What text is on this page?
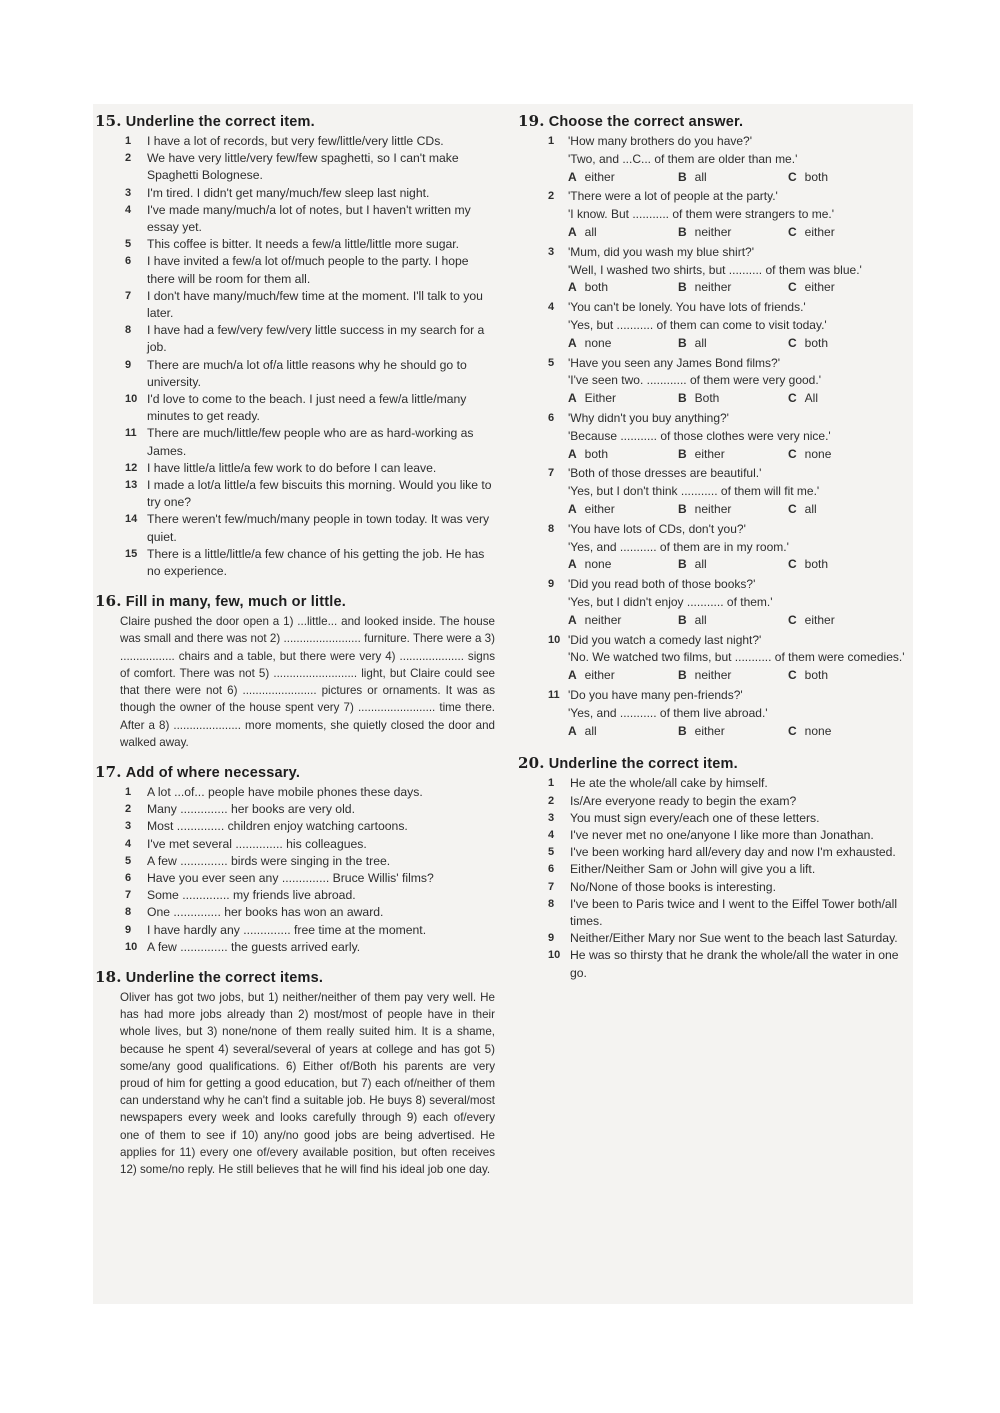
15. Underline the correct item.
1 I have a lot of records, but very few/little/very little CDs.
2 We have very little/very few/few spaghetti, so I can't make Spaghetti Bolognese.
3 I'm tired. I didn't get many/much/few sleep last night.
4 I've made many/much/a lot of notes, but I haven't written my essay yet.
5 This coffee is bitter. It needs a few/a little/little more sugar.
6 I have invited a few/a lot of/much people to the party. I hope there will be room for them all.
7 I don't have many/much/few time at the moment. I'll talk to you later.
8 I have had a few/very few/very little success in my search for a job.
9 There are much/a lot of/a little reasons why he should go to university.
10 I'd love to come to the beach. I just need a few/a little/many minutes to get ready.
11 There are much/little/few people who are as hard-working as James.
12 I have little/a little/a few work to do before I can leave.
13 I made a lot/a little/a few biscuits this morning. Would you like to try one?
14 There weren't few/much/many people in town today. It was very quiet.
15 There is a little/little/a few chance of his getting the job. He has no experience.
16. Fill in many, few, much or little.
Claire pushed the door open a 1) ...little... and looked inside. The house was small and there was not 2) ........................ furniture. There were a 3) ................. chairs and a table, but there were very 4) .................... signs of comfort. There was not 5) .......................... light, but Claire could see that there were not 6) ....................... pictures or ornaments. It was as though the owner of the house spent very 7) ........................ time there. After a 8) ..................... more moments, she quietly closed the door and walked away.
17. Add of where necessary.
1 A lot ...of... people have mobile phones these days.
2 Many .............. her books are very old.
3 Most .............. children enjoy watching cartoons.
4 I've met several .............. his colleagues.
5 A few .............. birds were singing in the tree.
6 Have you ever seen any .............. Bruce Willis' films?
7 Some .............. my friends live abroad.
8 One .............. her books has won an award.
9 I have hardly any .............. free time at the moment.
10 A few .............. the guests arrived early.
18. Underline the correct items.
Oliver has got two jobs, but 1) neither/neither of them pay very well. He has had more jobs already than 2) most/most of people have in their whole lives, but 3) none/none of them really suited him. It is a shame, because he spent 4) several/several of years at college and has got 5) some/any good qualifications. 6) Either of/Both his parents are very proud of him for getting a good education, but 7) each of/neither of them can understand why he can't find a suitable job. He buys 8) several/most newspapers every week and looks carefully through 9) each of/every one of them to see if 10) any/no good jobs are being advertised. He applies for 11) every one of/every available position, but often receives 12) some/no reply. He still believes that he will find his ideal job one day.
19. Choose the correct answer.
1 'How many brothers do you have?'
'Two, and ...C... of them are older than me.'
A either	B all	C both
2 'There were a lot of people at the party.'
'I know. But ........... of them were strangers to me.'
A all	B neither	C either
3 'Mum, did you wash my blue shirt?'
'Well, I washed two shirts, but .......... of them was blue.'
A both	B neither	C either
4 'You can't be lonely. You have lots of friends.'
'Yes, but ........... of them can come to visit today.'
A none	B all	C both
5 'Have you seen any James Bond films?'
'I've seen two. ............ of them were very good.'
A Either	B Both	C All
6 'Why didn't you buy anything?'
'Because ........... of those clothes were very nice.'
A both	B either	C none
7 'Both of those dresses are beautiful.'
'Yes, but I don't think ........... of them will fit me.'
A either	B neither	C all
8 'You have lots of CDs, don't you?'
'Yes, and ........... of them are in my room.'
A none	B all	C both
9 'Did you read both of those books?'
'Yes, but I didn't enjoy ........... of them.'
A neither	B all	C either
10 'Did you watch a comedy last night?'
'No. We watched two films, but ........... of them were comedies.'
A either	B neither	C both
11 'Do you have many pen-friends?'
'Yes, and ........... of them live abroad.'
A all	B either	C none
20. Underline the correct item.
1 He ate the whole/all cake by himself.
2 Is/Are everyone ready to begin the exam?
3 You must sign every/each one of these letters.
4 I've never met no one/anyone I like more than Jonathan.
5 I've been working hard all/every day and now I'm exhausted.
6 Either/Neither Sam or John will give you a lift.
7 No/None of those books is interesting.
8 I've been to Paris twice and I went to the Eiffel Tower both/all times.
9 Neither/Either Mary nor Sue went to the beach last Saturday.
10 He was so thirsty that he drank the whole/all the water in one go.
